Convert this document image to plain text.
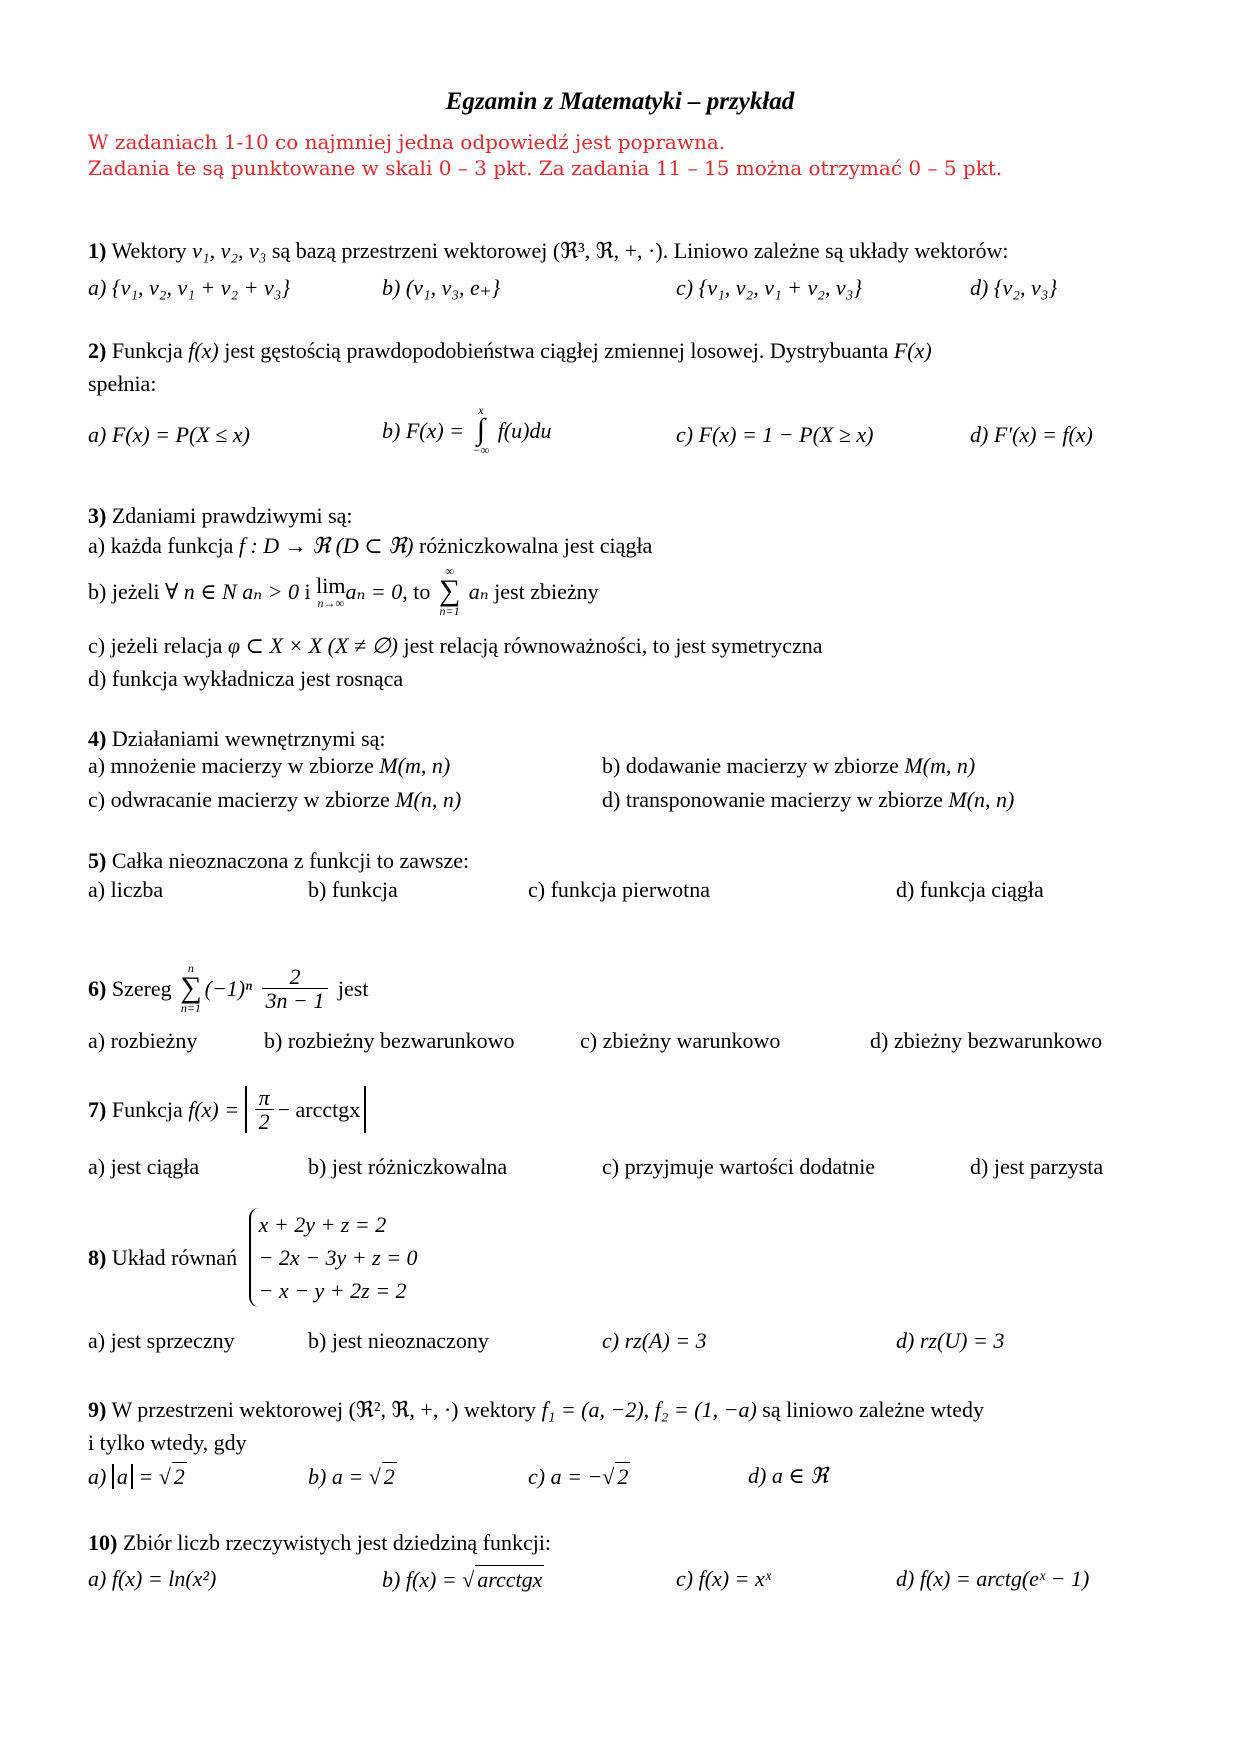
Egzamin z Matematyki – przykład
W zadaniach 1-10 co najmniej jedna odpowiedź jest poprawna.
Zadania te są punktowane w skali 0 – 3 pkt. Za zadania 11 – 15 można otrzymać 0 – 5 pkt.
1) Wektory v₁, v₂, v₃ są bazą przestrzeni wektorowej (ℜ³, ℜ, +, ·). Liniowo zależne są układy wektorów:
a) {v₁, v₂, v₁ + v₂ + v₃}	b) (v₁, v₃, e₊}	c) {v₁, v₂, v₁ + v₂, v₃}	d) {v₂, v₃}
2) Funkcja f(x) jest gęstością prawdopodobieństwa ciągłej zmiennej losowej. Dystrybuanta F(x)
spełnia:
a) F(x) = P(X ≤ x)	b) F(x) =
x
∫
−∞
f(u)du	c) F(x) = 1 − P(X ≥ x)	d) F′(x) = f(x)
3) Zdaniami prawdziwymi są:
a) każda funkcja f : D → ℜ (D ⊂ ℜ) różniczkowalna jest ciągła
b) jeżeli ∀ n ∈ N aₙ > 0 i lim
n→∞ aₙ = 0, to
∞
∑
n=1
aₙ jest zbieżny
c) jeżeli relacja φ ⊂ X × X (X ≠ ∅) jest relacją równoważności, to jest symetryczna
d) funkcja wykładnicza jest rosnąca
4) Działaniami wewnętrznymi są:
a) mnożenie macierzy w zbiorze M(m, n)	b) dodawanie macierzy w zbiorze M(m, n)
c) odwracanie macierzy w zbiorze M(n, n)	d) transponowanie macierzy w zbiorze M(n, n)
5) Całka nieoznaczona z funkcji to zawsze:
a) liczba	b) funkcja	c) funkcja pierwotna	d) funkcja ciągła
6) Szereg
n
∑
n=1
$(-1)^n \frac{2}{3n - 1}$ jest
a) rozbieżny	b) rozbieżny bezwarunkowo	c) zbieżny warunkowo	d) zbieżny bezwarunkowo
7) Funkcja $f(x) = \frac{\pi}{2}$ − arcctgx
a) jest ciągła	b) jest różniczkowalna	c) przyjmuje wartości dodatnie	d) jest parzysta
8) Układ równań
x + 2y + z = 2
− 2x − 3y + z = 0
− x − y + 2z = 2
a) jest sprzeczny	b) jest nieoznaczony	c) rz(A) = 3	d) rz(U) = 3
9) W przestrzeni wektorowej (ℜ², ℜ, +, ·) wektory f₁ = (a, −2), f₂ = (1, −a) są liniowo zależne wtedy
i tylko wtedy, gdy
a) a = √ 2	b) a = √ 2	c) a = −√ 2	d) a ∈ ℜ
10) Zbiór liczb rzeczywistych jest dziedziną funkcji:
a) f(x) = ln(x²)	b) f(x) = √ arcctgx	c) f(x) = xˣ	d) f(x) = arctg(eˣ − 1)
